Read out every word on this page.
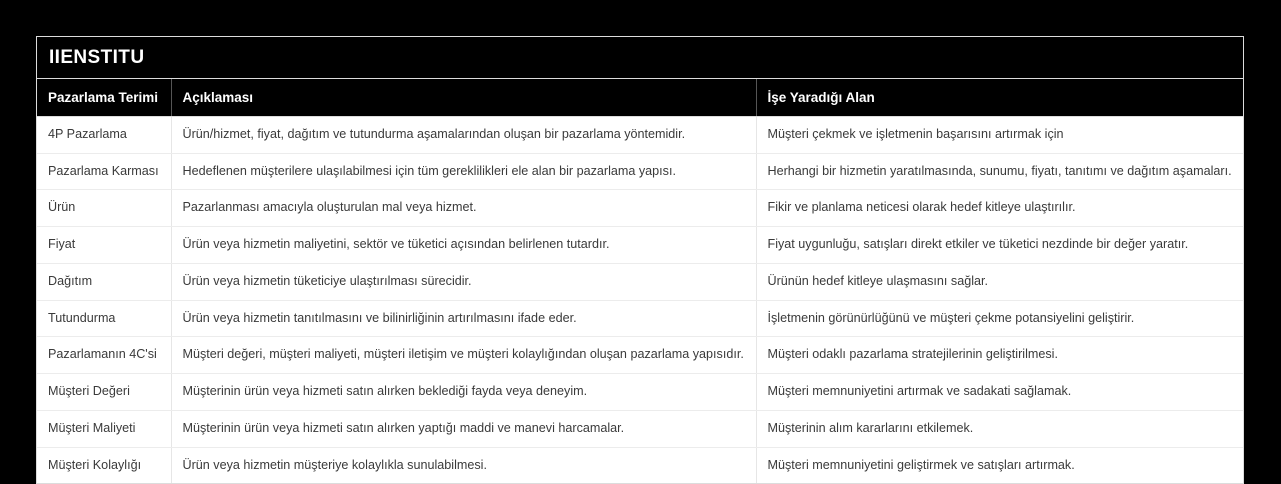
IIENSTITU
Pazarlama Terimi	Açıklaması	İşe Yaradığı Alan
4P Pazarlama	Ürün/hizmet, fiyat, dağıtım ve tutundurma aşamalarından oluşan bir pazarlama yöntemidir.	Müşteri çekmek ve işletmenin başarısını artırmak için
Pazarlama Karması	Hedeflenen müşterilere ulaşılabilmesi için tüm gereklilikleri ele alan bir pazarlama yapısı.	Herhangi bir hizmetin yaratılmasında, sunumu, fiyatı, tanıtımı ve dağıtım aşamaları.
Ürün	Pazarlanması amacıyla oluşturulan mal veya hizmet.	Fikir ve planlama neticesi olarak hedef kitleye ulaştırılır.
Fiyat	Ürün veya hizmetin maliyetini, sektör ve tüketici açısından belirlenen tutardır.	Fiyat uygunluğu, satışları direkt etkiler ve tüketici nezdinde bir değer yaratır.
Dağıtım	Ürün veya hizmetin tüketiciye ulaştırılması sürecidir.	Ürünün hedef kitleye ulaşmasını sağlar.
Tutundurma	Ürün veya hizmetin tanıtılmasını ve bilinirliğinin artırılmasını ifade eder.	İşletmenin görünürlüğünü ve müşteri çekme potansiyelini geliştirir.
Pazarlamanın 4C'si	Müşteri değeri, müşteri maliyeti, müşteri iletişim ve müşteri kolaylığından oluşan pazarlama yapısıdır.	Müşteri odaklı pazarlama stratejilerinin geliştirilmesi.
Müşteri Değeri	Müşterinin ürün veya hizmeti satın alırken beklediği fayda veya deneyim.	Müşteri memnuniyetini artırmak ve sadakati sağlamak.
Müşteri Maliyeti	Müşterinin ürün veya hizmeti satın alırken yaptığı maddi ve manevi harcamalar.	Müşterinin alım kararlarını etkilemek.
Müşteri Kolaylığı	Ürün veya hizmetin müşteriye kolaylıkla sunulabilmesi.	Müşteri memnuniyetini geliştirmek ve satışları artırmak.
